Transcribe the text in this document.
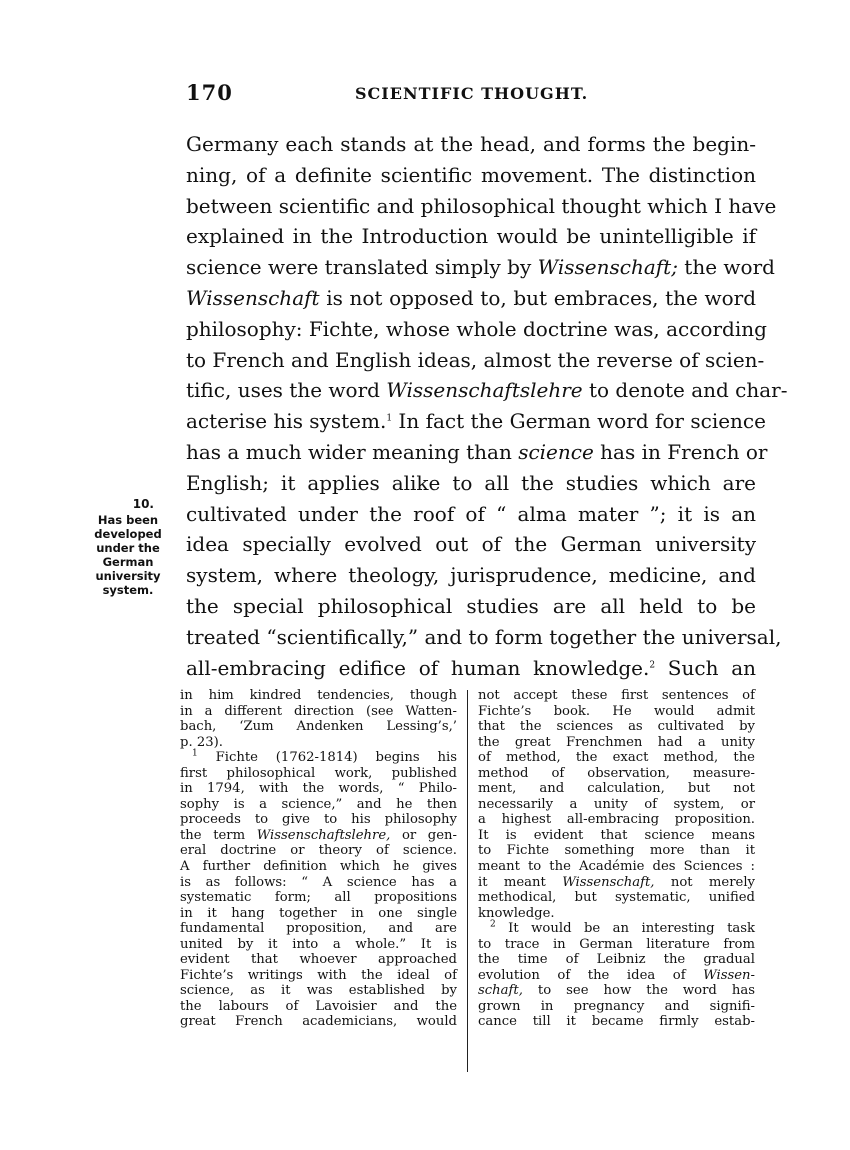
170	SCIENTIFIC THOUGHT.
Germany each stands at the head, and forms the begin-
ning, of a definite scientific movement. The distinction
between scientific and philosophical thought which I have
explained in the Introduction would be unintelligible if
science were translated simply by Wissenschaft; the word
Wissenschaft is not opposed to, but embraces, the word
philosophy: Fichte, whose whole doctrine was, according
to French and English ideas, almost the reverse of scien-
tific, uses the word Wissenschaftslehre to denote and char-
acterise his system.$^1$ In fact the German word for science
has a much wider meaning than science has in French or
English; it applies alike to all the studies which are
cultivated under the roof of “ alma mater ”; it is an
idea specially evolved out of the German university
system, where theology, jurisprudence, medicine, and
the special philosophical studies are all held to be
treated “scientifically,” and to form together the universal,
all-embracing edifice of human knowledge.$^2$ Such an
10.
Has been
developed
under the
German
university
system.
in him kindred tendencies, though
in a different direction (see Watten-
bach, ‘Zum Andenken Lessing’s,’
p. 23).
$^1$ Fichte (1762-1814) begins his
first philosophical work, published
in 1794, with the words, “ Philo-
sophy is a science,” and he then
proceeds to give to his philosophy
the term Wissenschaftslehre, or gen-
eral doctrine or theory of science.
A further definition which he gives
is as follows: “ A science has a
systematic form; all propositions
in it hang together in one single
fundamental proposition, and are
united by it into a whole.” It is
evident that whoever approached
Fichte’s writings with the ideal of
science, as it was established by
the labours of Lavoisier and the
great French academicians, would
not accept these first sentences of
Fichte’s book. He would admit
that the sciences as cultivated by
the great Frenchmen had a unity
of method, the exact method, the
method of observation, measure-
ment, and calculation, but not
necessarily a unity of system, or
a highest all-embracing proposition.
It is evident that science means
to Fichte something more than it
meant to the Académie des Sciences :
it meant Wissenschaft, not merely
methodical, but systematic, unified
knowledge.
$^2$ It would be an interesting task
to trace in German literature from
the time of Leibniz the gradual
evolution of the idea of Wissen-
schaft, to see how the word has
grown in pregnancy and signifi-
cance till it became firmly estab-
